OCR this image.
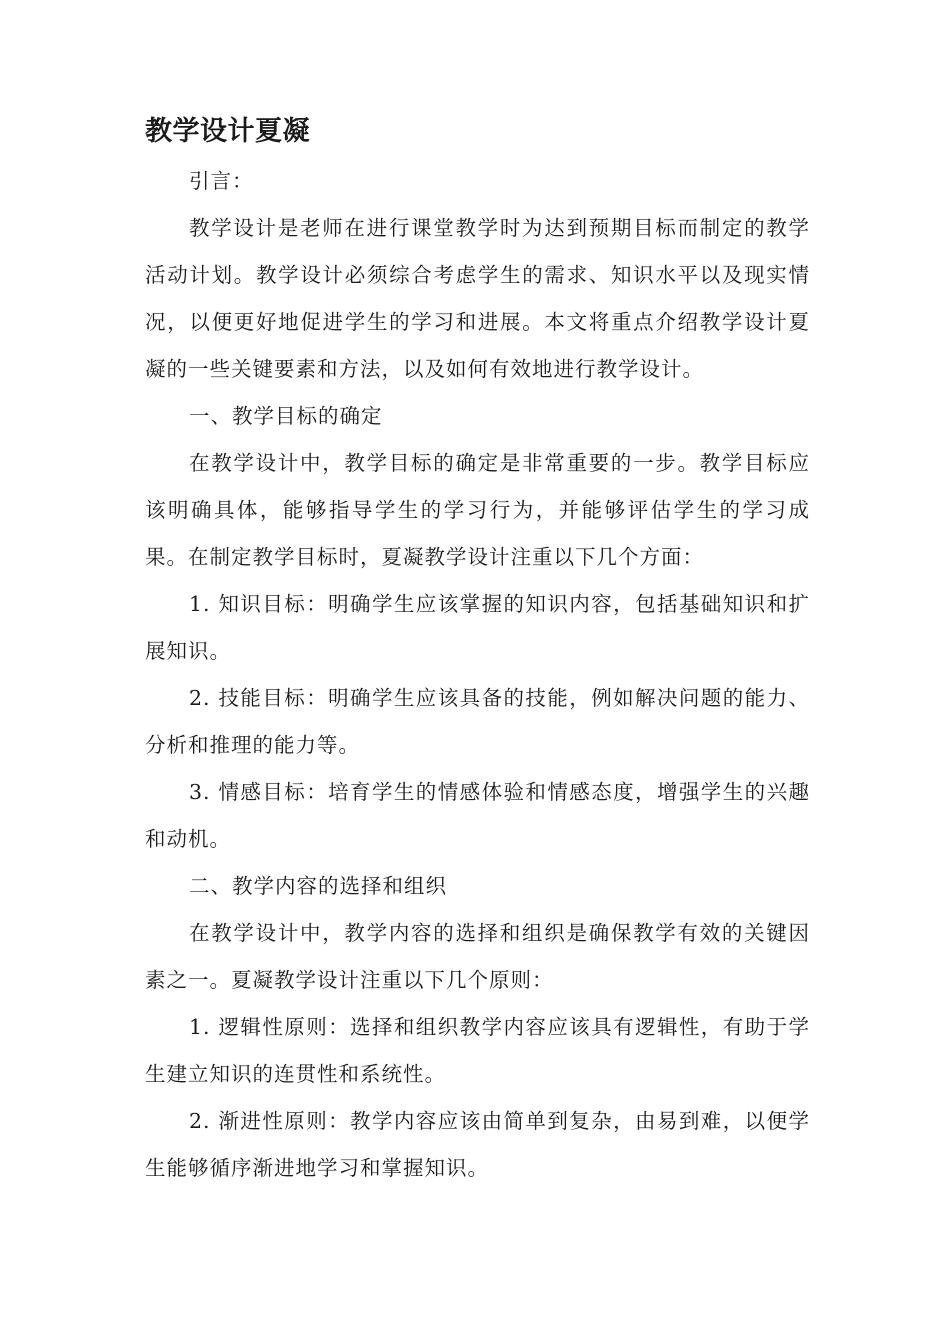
教学设计夏凝

引言：

教学设计是老师在进行课堂教学时为达到预期目标而制定的教学活动计划。教学设计必须综合考虑学生的需求、知识水平以及现实情况，以便更好地促进学生的学习和进展。本文将重点介绍教学设计夏凝的一些关键要素和方法，以及如何有效地进行教学设计。

一、教学目标的确定

在教学设计中，教学目标的确定是非常重要的一步。教学目标应该明确具体，能够指导学生的学习行为，并能够评估学生的学习成果。在制定教学目标时，夏凝教学设计注重以下几个方面：

1. 知识目标：明确学生应该掌握的知识内容，包括基础知识和扩展知识。

2. 技能目标：明确学生应该具备的技能，例如解决问题的能力、分析和推理的能力等。

3. 情感目标：培育学生的情感体验和情感态度，增强学生的兴趣和动机。

二、教学内容的选择和组织

在教学设计中，教学内容的选择和组织是确保教学有效的关键因素之一。夏凝教学设计注重以下几个原则：

1. 逻辑性原则：选择和组织教学内容应该具有逻辑性，有助于学生建立知识的连贯性和系统性。

2. 渐进性原则：教学内容应该由简单到复杂，由易到难，以便学生能够循序渐进地学习和掌握知识。
